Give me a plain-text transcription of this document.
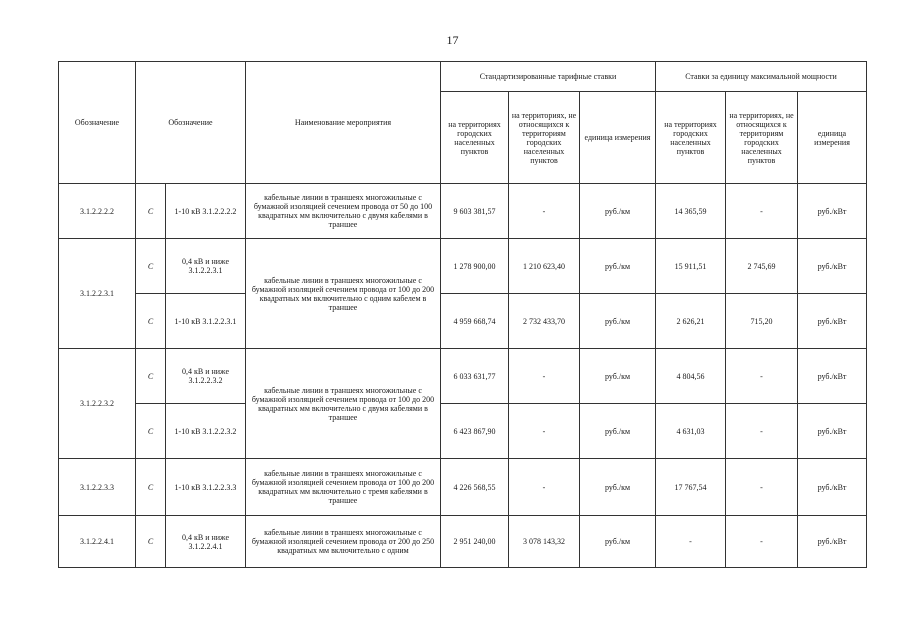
17
Обозначение	Обозначение		Наименование мероприятия	Стандартизированные тарифные ставки			Ставки за единицу максимальной мощности		
				на территориях городских населенных пунктов	на территориях, не относящихся к территориям городских населенных пунктов	единица измерения	на территориях городских населенных пунктов	на территориях, не относящихся к территориям городских населенных пунктов	единица измерения
3.1.2.2.2.2	С	1-10 кВ 3.1.2.2.2.2	кабельные линии в траншеях многожильные с бумажной изоляцией сечением провода от 50 до 100 квадратных мм включительно с двумя кабелями в траншее	9 603 381,57	-	руб./км	14 365,59	-	руб./кВт
3.1.2.2.3.1	С	0,4 кВ и ниже 3.1.2.2.3.1	кабельные линии в траншеях многожильные с бумажной изоляцией сечением провода от 100 до 200 квадратных мм включительно с одним кабелем в траншее	1 278 900,00	1 210 623,40	руб./км	15 911,51	2 745,69	руб./кВт
	С	1-10 кВ 3.1.2.2.3.1		4 959 668,74	2 732 433,70	руб./км	2 626,21	715,20	руб./кВт
3.1.2.2.3.2	С	0,4 кВ и ниже 3.1.2.2.3.2	кабельные линии в траншеях многожильные с бумажной изоляцией сечением провода от 100 до 200 квадратных мм включительно с двумя кабелями в траншее	6 033 631,77	-	руб./км	4 804,56	-	руб./кВт
	С	1-10 кВ 3.1.2.2.3.2		6 423 867,90	-	руб./км	4 631,03	-	руб./кВт
3.1.2.2.3.3	С	1-10 кВ 3.1.2.2.3.3	кабельные линии в траншеях многожильные с бумажной изоляцией сечением провода от 100 до 200 квадратных мм включительно с тремя кабелями в траншее	4 226 568,55	-	руб./км	17 767,54	-	руб./кВт
3.1.2.2.4.1	С	0,4 кВ и ниже 3.1.2.2.4.1	кабельные линии в траншеях многожильные с бумажной изоляцией сечением провода от 200 до 250 квадратных мм включительно с одним	2 951 240,00	3 078 143,32	руб./км	-	-	руб./кВт
